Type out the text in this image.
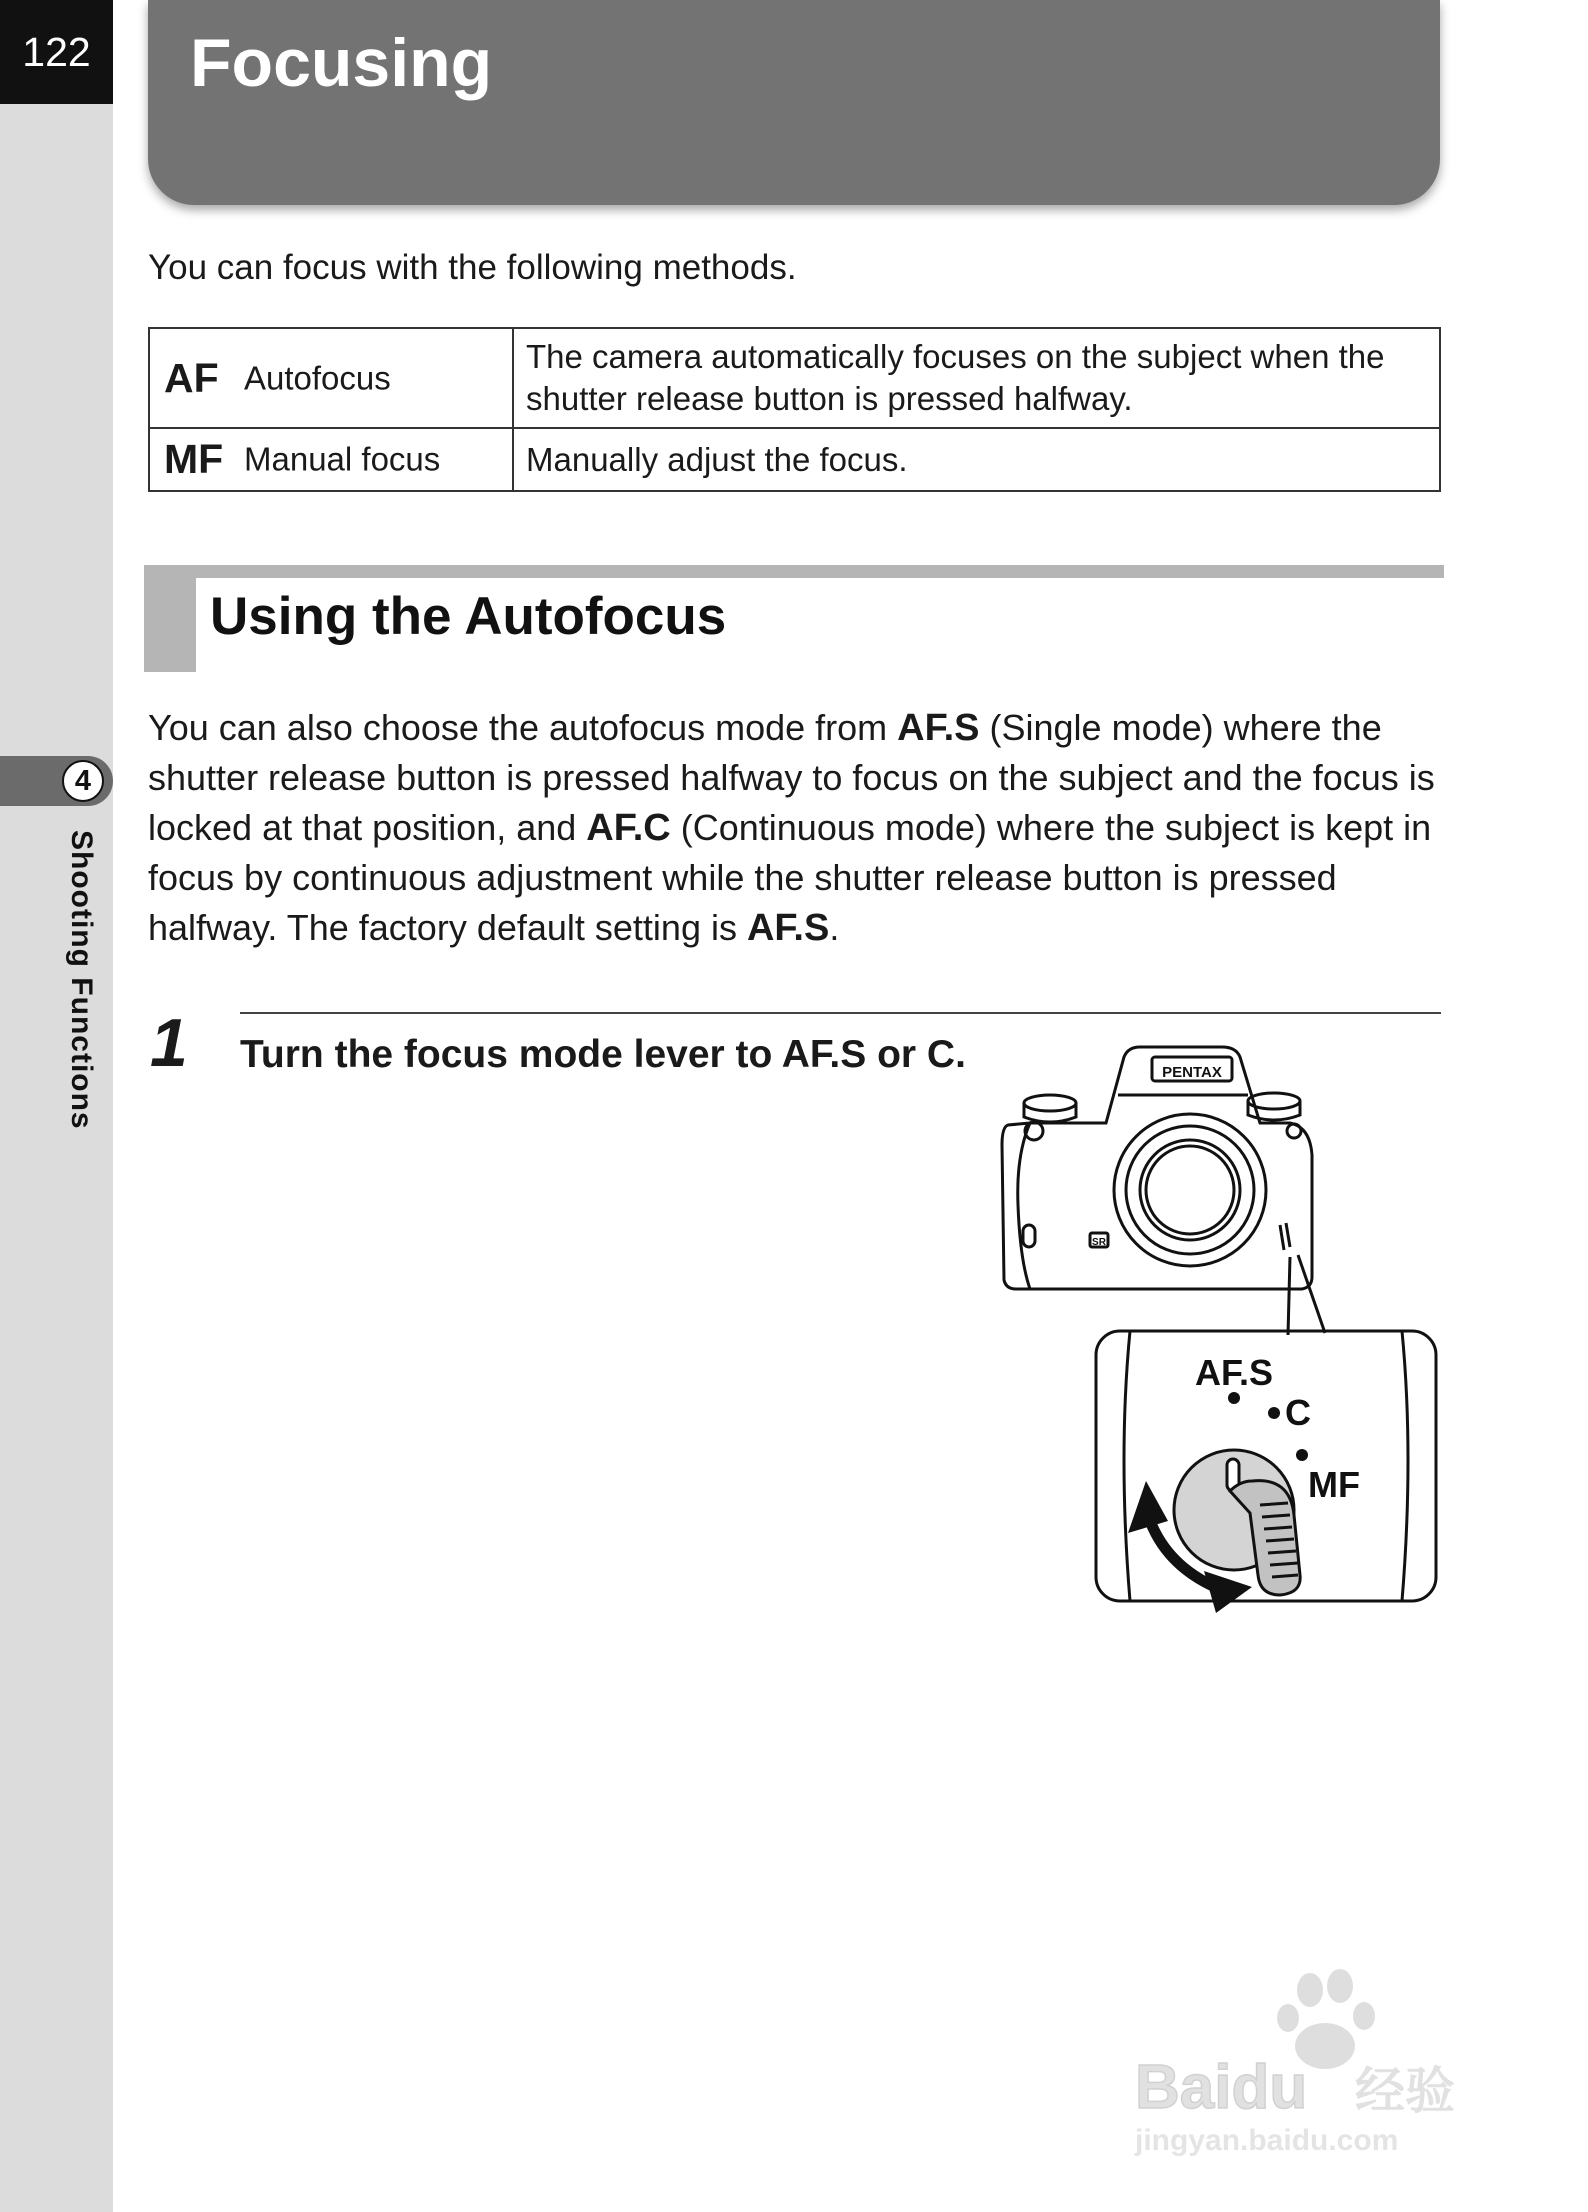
122
4
Shooting Functions
Focusing
You can focus with the following methods.
AF Autofocus	The camera automatically focuses on the subject when the shutter release button is pressed halfway.
MF Manual focus	Manually adjust the focus.
Using the Autofocus
You can also choose the autofocus mode from AF.S (Single mode) where the shutter release button is pressed halfway to focus on the subject and the focus is locked at that position, and AF.C (Continuous mode) where the subject is kept in focus by continuous adjustment while the shutter release button is pressed halfway. The factory default setting is AF.S.
1 Turn the focus mode lever to AF.S or C.	PENTAX
SR
AF.S
C
MF
Baidu 经验
jingyan.baidu.com
